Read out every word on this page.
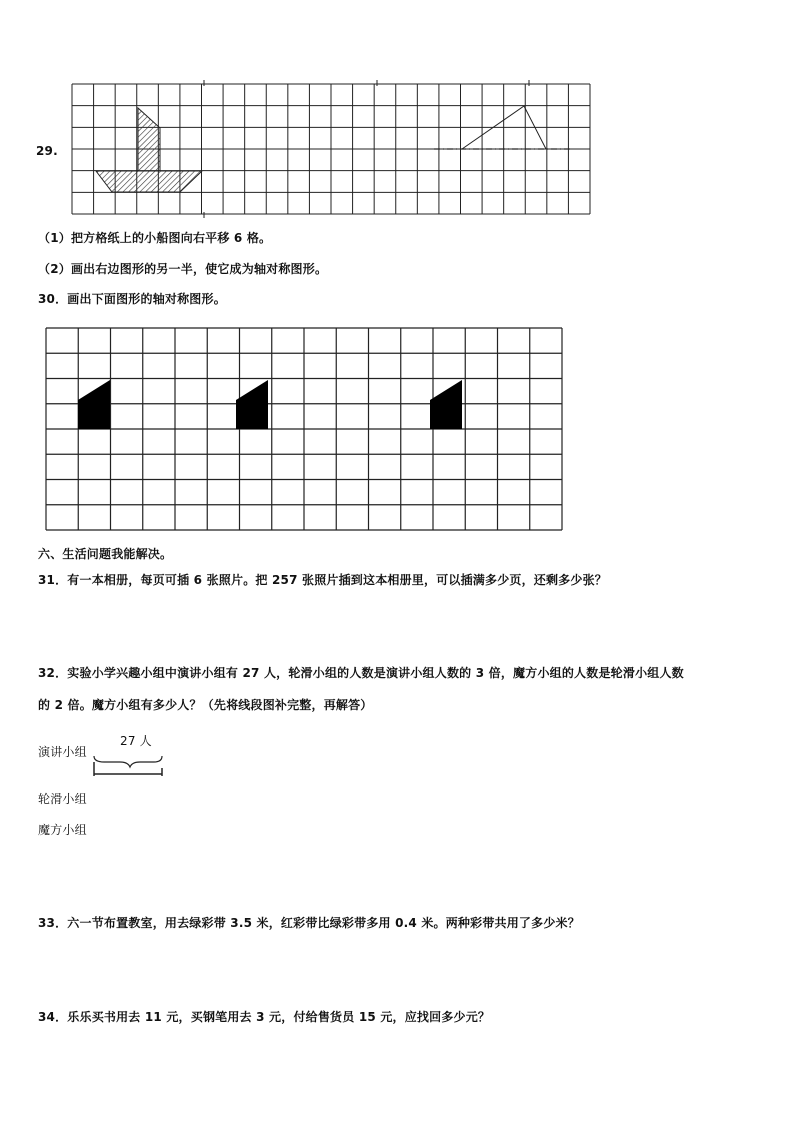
29.
（1）把方格纸上的小船图向右平移 6 格。
（2）画出右边图形的另一半，使它成为轴对称图形。
30．画出下面图形的轴对称图形。
六、生活问题我能解决。
31．有一本相册，每页可插 6 张照片。把 257 张照片插到这本相册里，可以插满多少页，还剩多少张？
32．实验小学兴趣小组中演讲小组有 27 人，轮滑小组的人数是演讲小组人数的 3 倍，魔方小组的人数是轮滑小组人数
的 2 倍。魔方小组有多少人？（先将线段图补完整，再解答）
27 人
演讲小组
轮滑小组
魔方小组
33．六一节布置教室，用去绿彩带 3.5 米，红彩带比绿彩带多用 0.4 米。两种彩带共用了多少米？
34．乐乐买书用去 11 元，买钢笔用去 3 元，付给售货员 15 元，应找回多少元？
